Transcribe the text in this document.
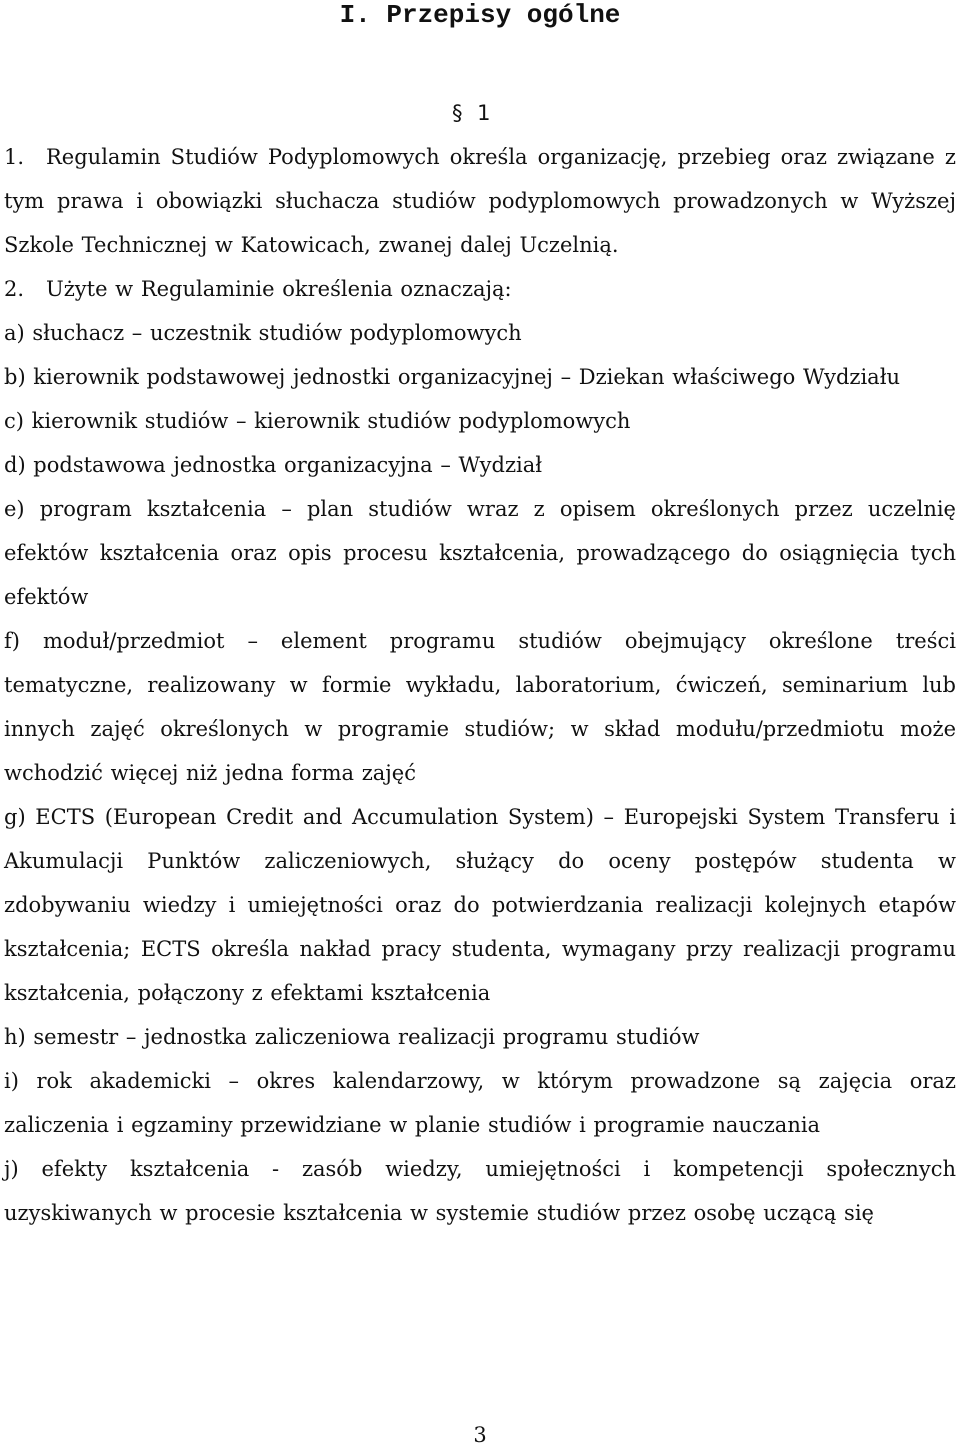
I. Przepisy ogólne
§ 1

1. Regulamin Studiów Podyplomowych określa organizację, przebieg oraz związane z tym prawa i obowiązki słuchacza studiów podyplomowych prowadzonych w Wyższej Szkole Technicznej w Katowicach, zwanej dalej Uczelnią.

2. Użyte w Regulaminie określenia oznaczają:

a) słuchacz – uczestnik studiów podyplomowych

b) kierownik podstawowej jednostki organizacyjnej – Dziekan właściwego Wydziału

c) kierownik studiów – kierownik studiów podyplomowych

d) podstawowa jednostka organizacyjna – Wydział

e) program kształcenia – plan studiów wraz z opisem określonych przez uczelnię efektów kształcenia oraz opis procesu kształcenia, prowadzącego do osiągnięcia tych efektów

f) moduł/przedmiot – element programu studiów obejmujący określone treści tematyczne, realizowany w formie wykładu, laboratorium, ćwiczeń, seminarium lub innych zajęć określonych w programie studiów; w skład modułu/przedmiotu może wchodzić więcej niż jedna forma zajęć

g) ECTS (European Credit and Accumulation System) – Europejski System Transferu i Akumulacji Punktów zaliczeniowych, służący do oceny postępów studenta w zdobywaniu wiedzy i umiejętności oraz do potwierdzania realizacji kolejnych etapów kształcenia; ECTS określa nakład pracy studenta, wymagany przy realizacji programu kształcenia, połączony z efektami kształcenia

h) semestr – jednostka zaliczeniowa realizacji programu studiów

i) rok akademicki – okres kalendarzowy, w którym prowadzone są zajęcia oraz zaliczenia i egzaminy przewidziane w planie studiów i programie nauczania

j) efekty kształcenia - zasób wiedzy, umiejętności i kompetencji społecznych uzyskiwanych w procesie kształcenia w systemie studiów przez osobę uczącą się

3
